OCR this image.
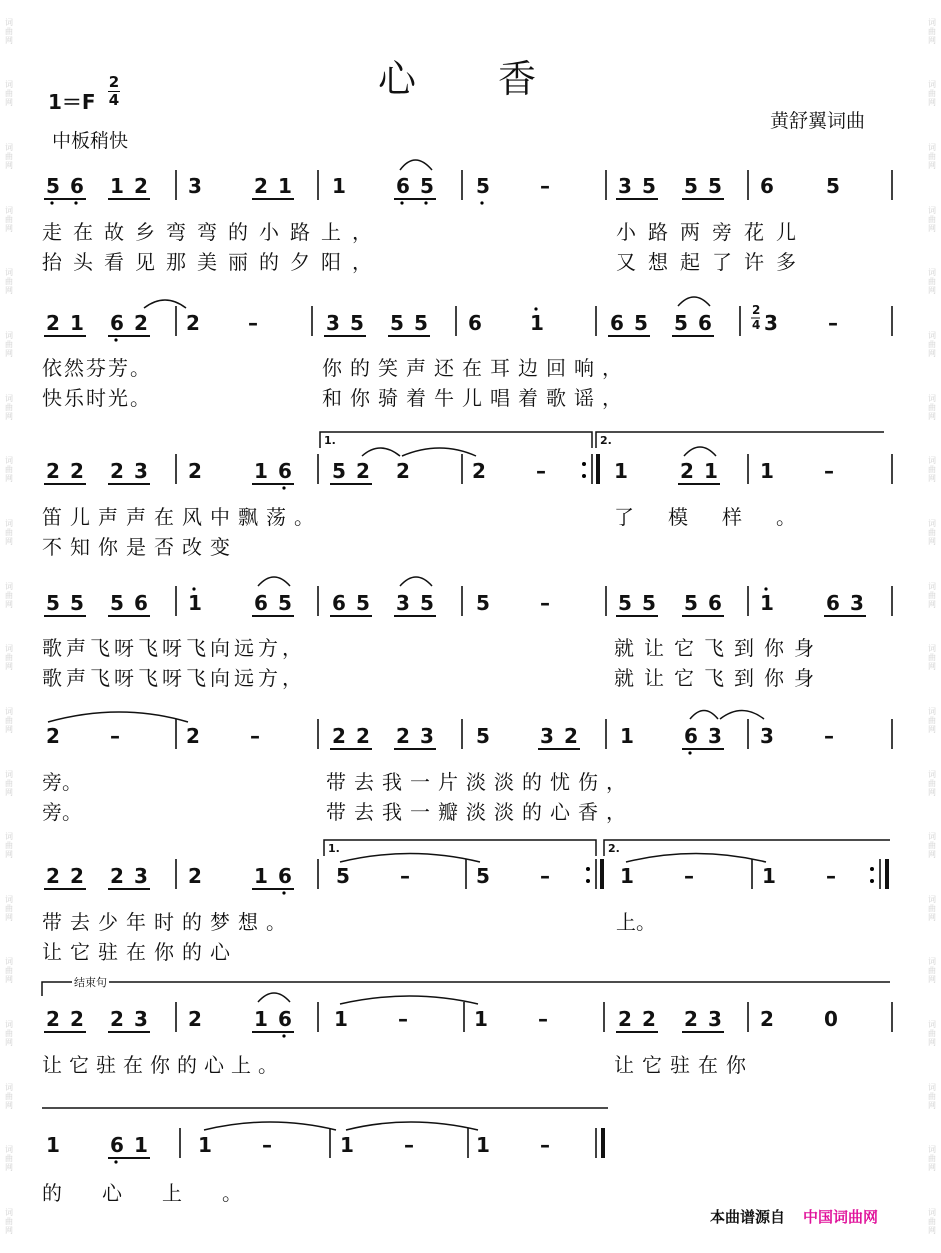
词
曲
网
词
曲
网
词
曲
网
词
曲
网
词
曲
网
词
曲
网
词
曲
网
词
曲
网
词
曲
网
词
曲
网
词
曲
网
词
曲
网
词
曲
网
词
曲
网
词
曲
网
词
曲
网
词
曲
网
词
曲
网
词
曲
网
词
曲
网
词
曲
网
词
曲
网
词
曲
网
词
曲
网
词
曲
网
词
曲
网
词
曲
网
词
曲
网
词
曲
网
词
曲
网
词
曲
网
词
曲
网
词
曲
网
词
曲
网
词
曲
网
词
曲
网
词
曲
网
词
曲
网
词
曲
网
词
曲
网
心　　香
1＝F
2
4
中板稍快
黄舒翼词曲
5 6 1 2 3	2 1 1	6 5 5	–	3 5 5 5 6	5
2 1 6 2 2 –	3 5 5 5 6 1	6 5 5 6
2
4 3	–
1.	2.
2 2 2 3 2	1 6 5 2 2	2	–	1	2 1 1	–
5 5 5 6 1	6 5 6 5 3 5 5	–	5 5 5 6 1	6 3
2	–	2	–	2 2 2 3 5	3 2 1	6 3 3	–
1.	2.
2 2 2 3 2	1 6 5	–	5	–	1	–	1	–
2 2 2 3 2	1 6 1	–	1	–	2 2 2 3 2	0
1	6 1	1	–	1	–	1	–
走在故乡弯弯的小路上，	小路两旁花儿
抬头看见那美丽的夕阳，	又想起了许多
依然芬芳。	你的笑声还在耳边回响，
快乐时光。	和你骑着牛儿唱着歌谣，
笛儿声声在风中飘荡。	了模样。
不知你是否改变
歌声飞呀飞呀飞向远方，	就让它飞到你身
歌声飞呀飞呀飞向远方，	就让它飞到你身
旁。	带去我一片淡淡的忧伤，
旁。	带去我一瓣淡淡的心香，
带去少年时的梦想。	上。
让它驻在你的心
结束句
让它驻在你的心上。	让它驻在你
的心上。
本曲谱源自 中国词曲网
